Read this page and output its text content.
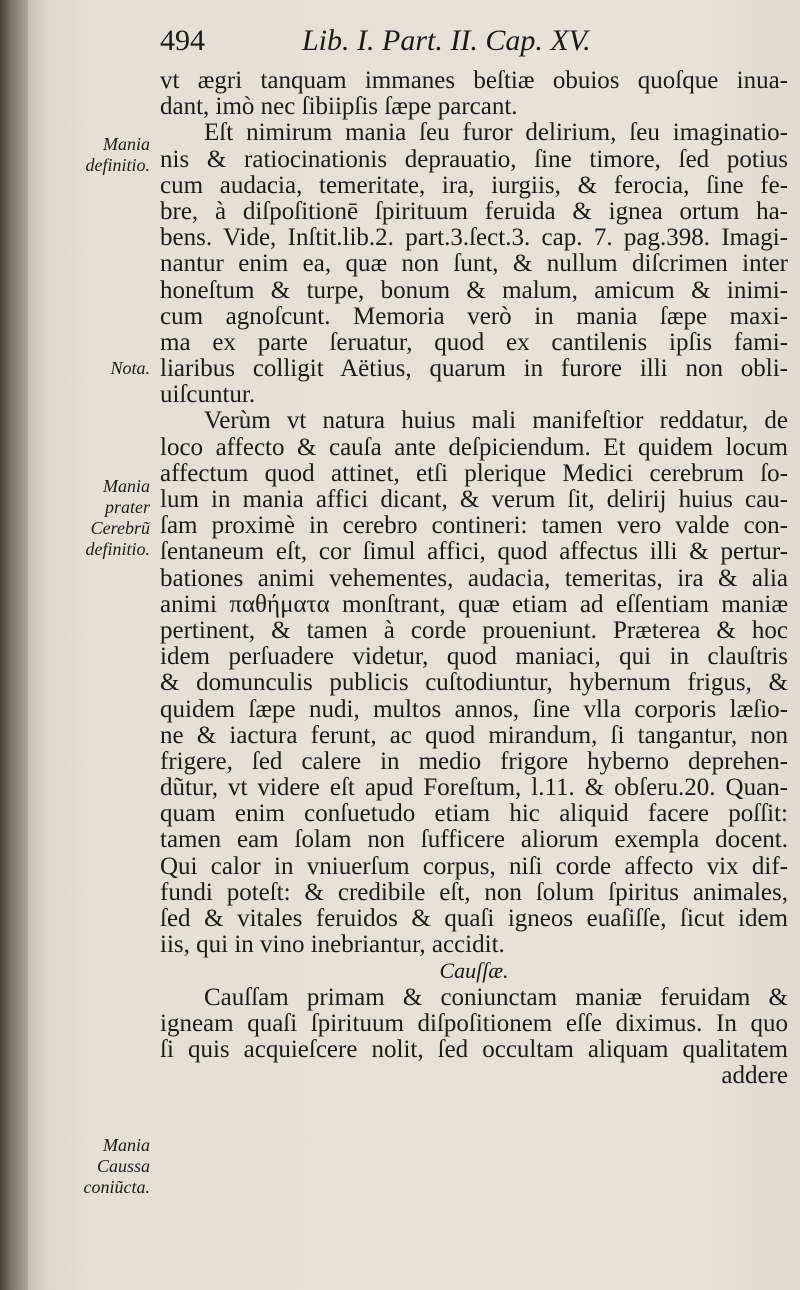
494	Lib. I. Part. II. Cap. XV.
Mania
definitio.
Nota.
Mania
prater
Cerebrũ
definitio.
Mania
Caussa
coniũcta.
vt ægri tanquam immanes beſtiæ obuios quoſque inua-
dant, imò nec ſibiipſis ſæpe parcant.
Eſt nimirum mania ſeu furor delirium, ſeu imaginatio-
nis & ratiocinationis deprauatio, ſine timore, ſed potius
cum audacia, temeritate, ira, iurgiis, & ferocia, ſine fe-
bre, à diſpoſitionē ſpirituum feruida & ignea ortum ha-
bens. Vide, Inſtit.lib.2. part.3.ſect.3. cap. 7. pag.398. Imagi-
nantur enim ea, quæ non ſunt, & nullum diſcrimen inter
honeſtum & turpe, bonum & malum, amicum & inimi-
cum agnoſcunt. Memoria verò in mania ſæpe maxi-
ma ex parte ſeruatur, quod ex cantilenis ipſis fami-
liaribus colligit Aëtius, quarum in furore illi non obli-
uiſcuntur.
Verùm vt natura huius mali manifeſtior reddatur, de
loco affecto & cauſa ante deſpiciendum. Et quidem locum
affectum quod attinet, etſi plerique Medici cerebrum ſo-
lum in mania affici dicant, & verum ſit, delirij huius cau-
ſam proximè in cerebro contineri: tamen vero valde con-
ſentaneum eſt, cor ſimul affici, quod affectus illi & pertur-
bationes animi vehementes, audacia, temeritas, ira & alia
animi παθήματα monſtrant, quæ etiam ad eſſentiam maniæ
pertinent, & tamen à corde proueniunt. Præterea & hoc
idem perſuadere videtur, quod maniaci, qui in clauſtris
& domunculis publicis cuſtodiuntur, hybernum frigus, &
quidem ſæpe nudi, multos annos, ſine vlla corporis læſio-
ne & iactura ferunt, ac quod mirandum, ſi tangantur, non
frigere, ſed calere in medio frigore hyberno deprehen-
dũtur, vt videre eſt apud Foreſtum, l.11. & obſeru.20. Quan-
quam enim conſuetudo etiam hic aliquid facere poſſit:
tamen eam ſolam non ſufficere aliorum exempla docent.
Qui calor in vniuerſum corpus, niſi corde affecto vix dif-
fundi poteſt: & credibile eſt, non ſolum ſpiritus animales,
ſed & vitales feruidos & quaſi igneos euaſiſſe, ſicut idem
iis, qui in vino inebriantur, accidit.
Cauſſæ.
Cauſſam primam & coniunctam maniæ feruidam &
igneam quaſi ſpirituum diſpoſitionem eſſe diximus. In quo
ſi quis acquieſcere nolit, ſed occultam aliquam qualitatem
addere
